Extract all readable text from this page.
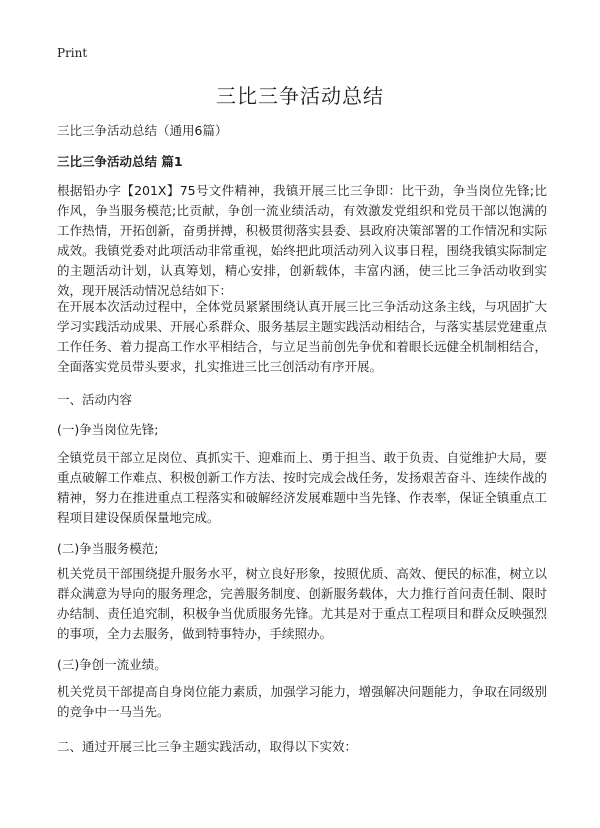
Print
三比三争活动总结

三比三争活动总结（通用6篇）

三比三争活动总结 篇1

根据铅办字【201X】75号文件精神，我镇开展三比三争即：比干劲，争当岗位先锋;比作风，争当服务模范;比贡献，争创一流业绩活动，有效激发党组织和党员干部以饱满的工作热情，开拓创新，奋勇拼搏，积极贯彻落实县委、县政府决策部署的工作情况和实际成效。我镇党委对此项活动非常重视，始终把此项活动列入议事日程，围绕我镇实际制定的主题活动计划，认真筹划，精心安排，创新载体，丰富内涵，使三比三争活动收到实效，现开展活动情况总结如下：

在开展本次活动过程中，全体党员紧紧围绕认真开展三比三争活动这条主线，与巩固扩大学习实践活动成果、开展心系群众、服务基层主题实践活动相结合，与落实基层党建重点工作任务、着力提高工作水平相结合，与立足当前创先争优和着眼长远健全机制相结合，全面落实党员带头要求，扎实推进三比三创活动有序开展。

一、活动内容

(一)争当岗位先锋;

全镇党员干部立足岗位、真抓实干、迎难而上、勇于担当、敢于负责、自觉维护大局，要重点破解工作难点、积极创新工作方法、按时完成会战任务，发扬艰苦奋斗、连续作战的精神，努力在推进重点工程落实和破解经济发展难题中当先锋、作表率，保证全镇重点工程项目建设保质保量地完成。

(二)争当服务模范;

机关党员干部围绕提升服务水平，树立良好形象，按照优质、高效、便民的标准，树立以群众满意为导向的服务理念，完善服务制度、创新服务载体，大力推行首问责任制、限时办结制、责任追究制，积极争当优质服务先锋。尤其是对于重点工程项目和群众反映强烈的事项，全力去服务，做到特事特办，手续照办。

(三)争创一流业绩。

机关党员干部提高自身岗位能力素质，加强学习能力，增强解决问题能力，争取在同级别的竞争中一马当先。

二、通过开展三比三争主题实践活动，取得以下实效：
